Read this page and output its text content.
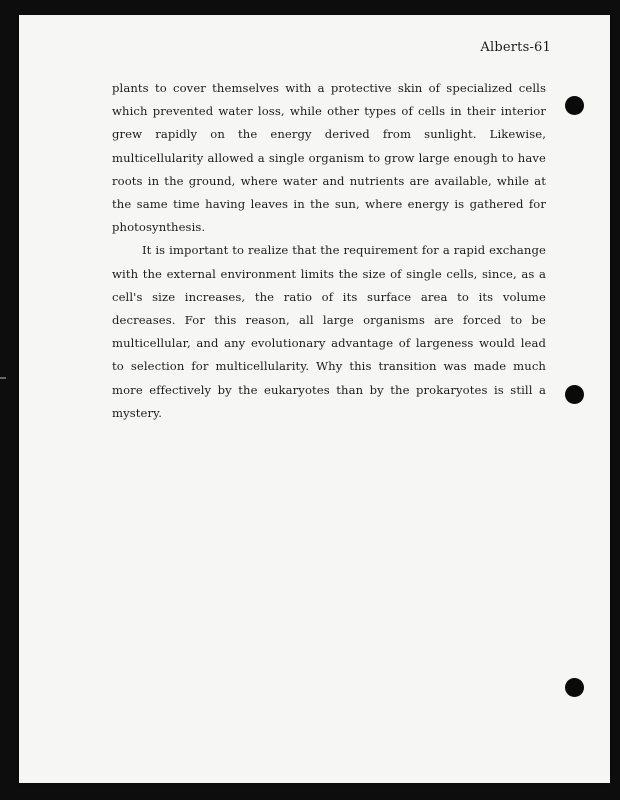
Alberts-61

plants to cover themselves with a protective skin of specialized cells which prevented water loss, while other types of cells in their interior grew rapidly on the energy derived from sunlight. Likewise, multicellularity allowed a single organism to grow large enough to have roots in the ground, where water and nutrients are available, while at the same time having leaves in the sun, where energy is gathered for photosynthesis.

It is important to realize that the requirement for a rapid exchange with the external environment limits the size of single cells, since, as a cell's size increases, the ratio of its surface area to its volume decreases. For this reason, all large organisms are forced to be multicellular, and any evolutionary advantage of largeness would lead to selection for multicellularity. Why this transition was made much more effectively by the eukaryotes than by the prokaryotes is still a mystery.
